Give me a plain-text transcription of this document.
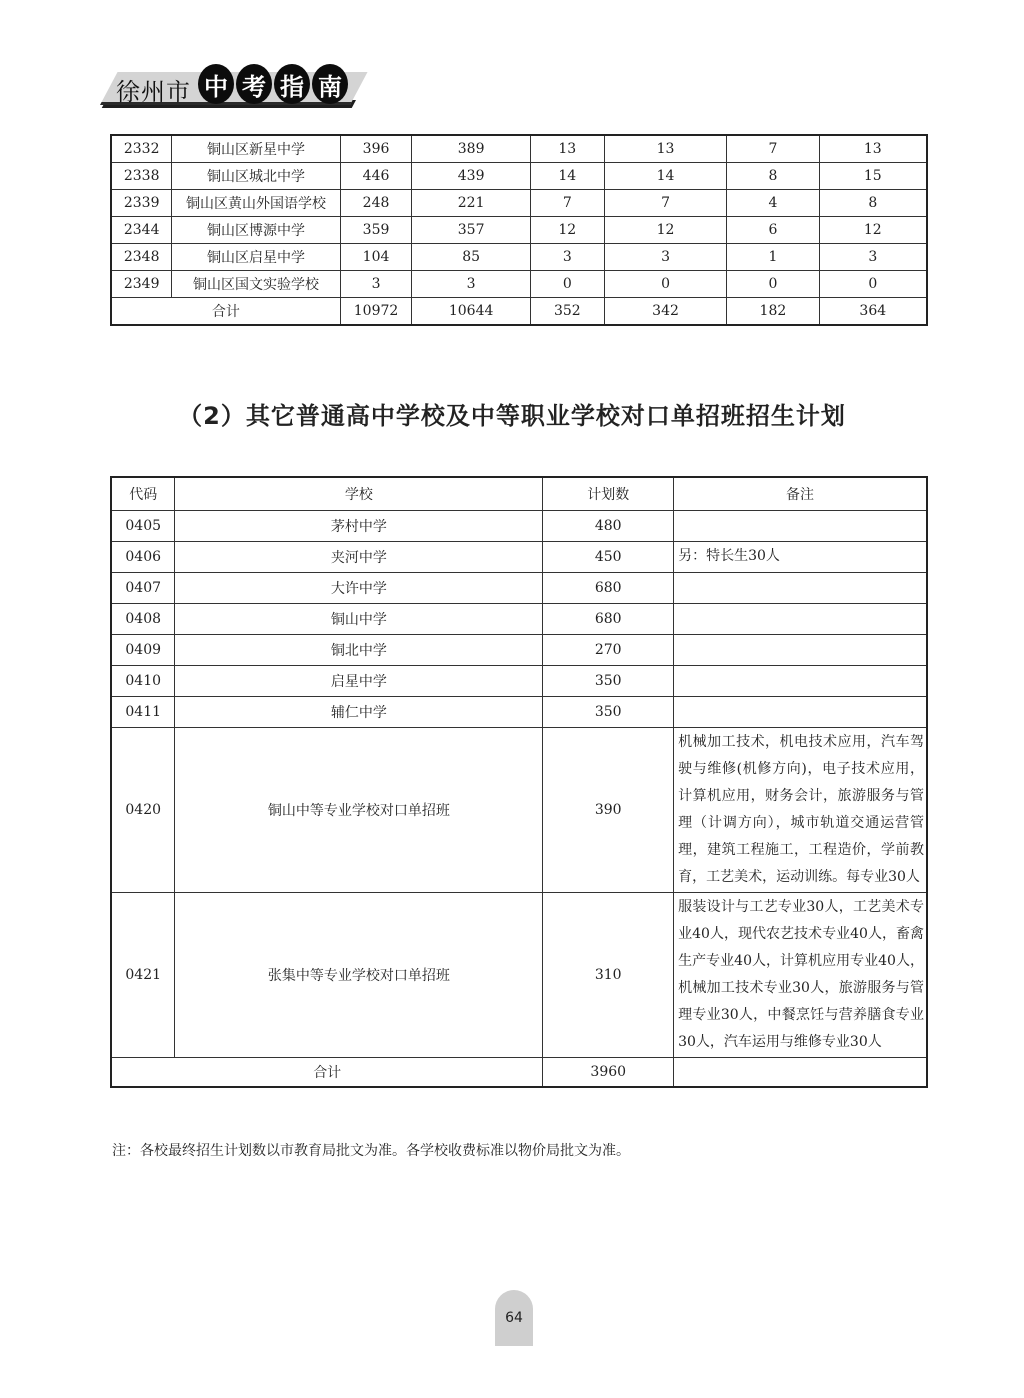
徐州市 中 考 指 南
2332	铜山区新星中学	396	389	13	13	7	13
2338	铜山区城北中学	446	439	14	14	8	15
2339	铜山区黄山外国语学校	248	221	7	7	4	8
2344	铜山区博源中学	359	357	12	12	6	12
2348	铜山区启星中学	104	85	3	3	1	3
2349	铜山区国文实验学校	3	3	0	0	0	0
合计		10972	10644	352	342	182	364
（2）其它普通高中学校及中等职业学校对口单招班招生计划
代码	学校	计划数	备注
0405	茅村中学	480	
0406	夹河中学	450	另：特长生30人
0407	大许中学	680	
0408	铜山中学	680	
0409	铜北中学	270	
0410	启星中学	350	
0411	辅仁中学	350	
0420	铜山中等专业学校对口单招班	390	机械加工技术，机电技术应用，汽车驾驶与维修(机修方向)，电子技术应用，计算机应用，财务会计，旅游服务与管理（计调方向），城市轨道交通运营管理，建筑工程施工，工程造价，学前教育，工艺美术，运动训练。每专业30人
0421	张集中等专业学校对口单招班	310	服装设计与工艺专业30人，工艺美术专业40人，现代农艺技术专业40人，畜禽生产专业40人，计算机应用专业40人，机械加工技术专业30人，旅游服务与管理专业30人，中餐烹饪与营养膳食专业30人，汽车运用与维修专业30人
合计		3960	
注：各校最终招生计划数以市教育局批文为准。各学校收费标准以物价局批文为准。
64
